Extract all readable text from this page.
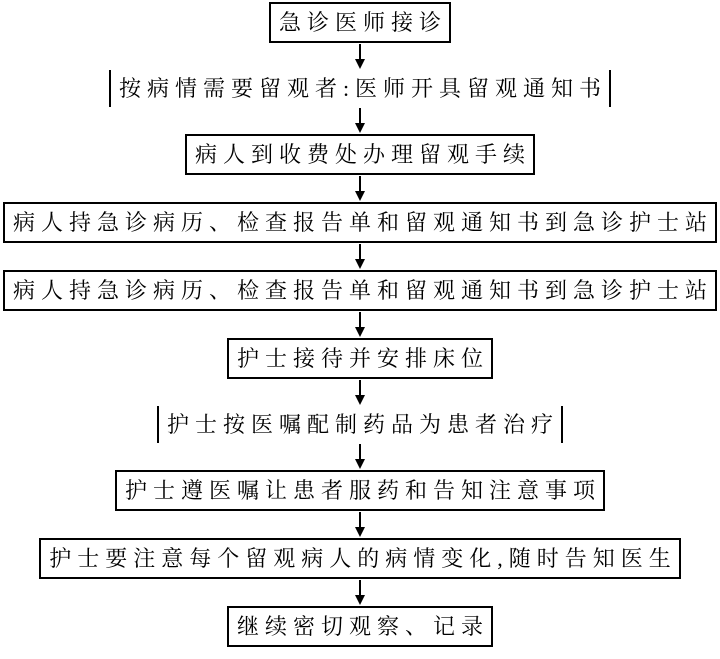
急诊医师接诊
按病情需要留观者:医师开具留观通知书
病人到收费处办理留观手续
病人持急诊病历、检查报告单和留观通知书到急诊护士站
病人持急诊病历、检查报告单和留观通知书到急诊护士站
护士接待并安排床位
护士按医嘱配制药品为患者治疗
护士遵医嘱让患者服药和告知注意事项
护士要注意每个留观病人的病情变化,随时告知医生
继续密切观察、记录
